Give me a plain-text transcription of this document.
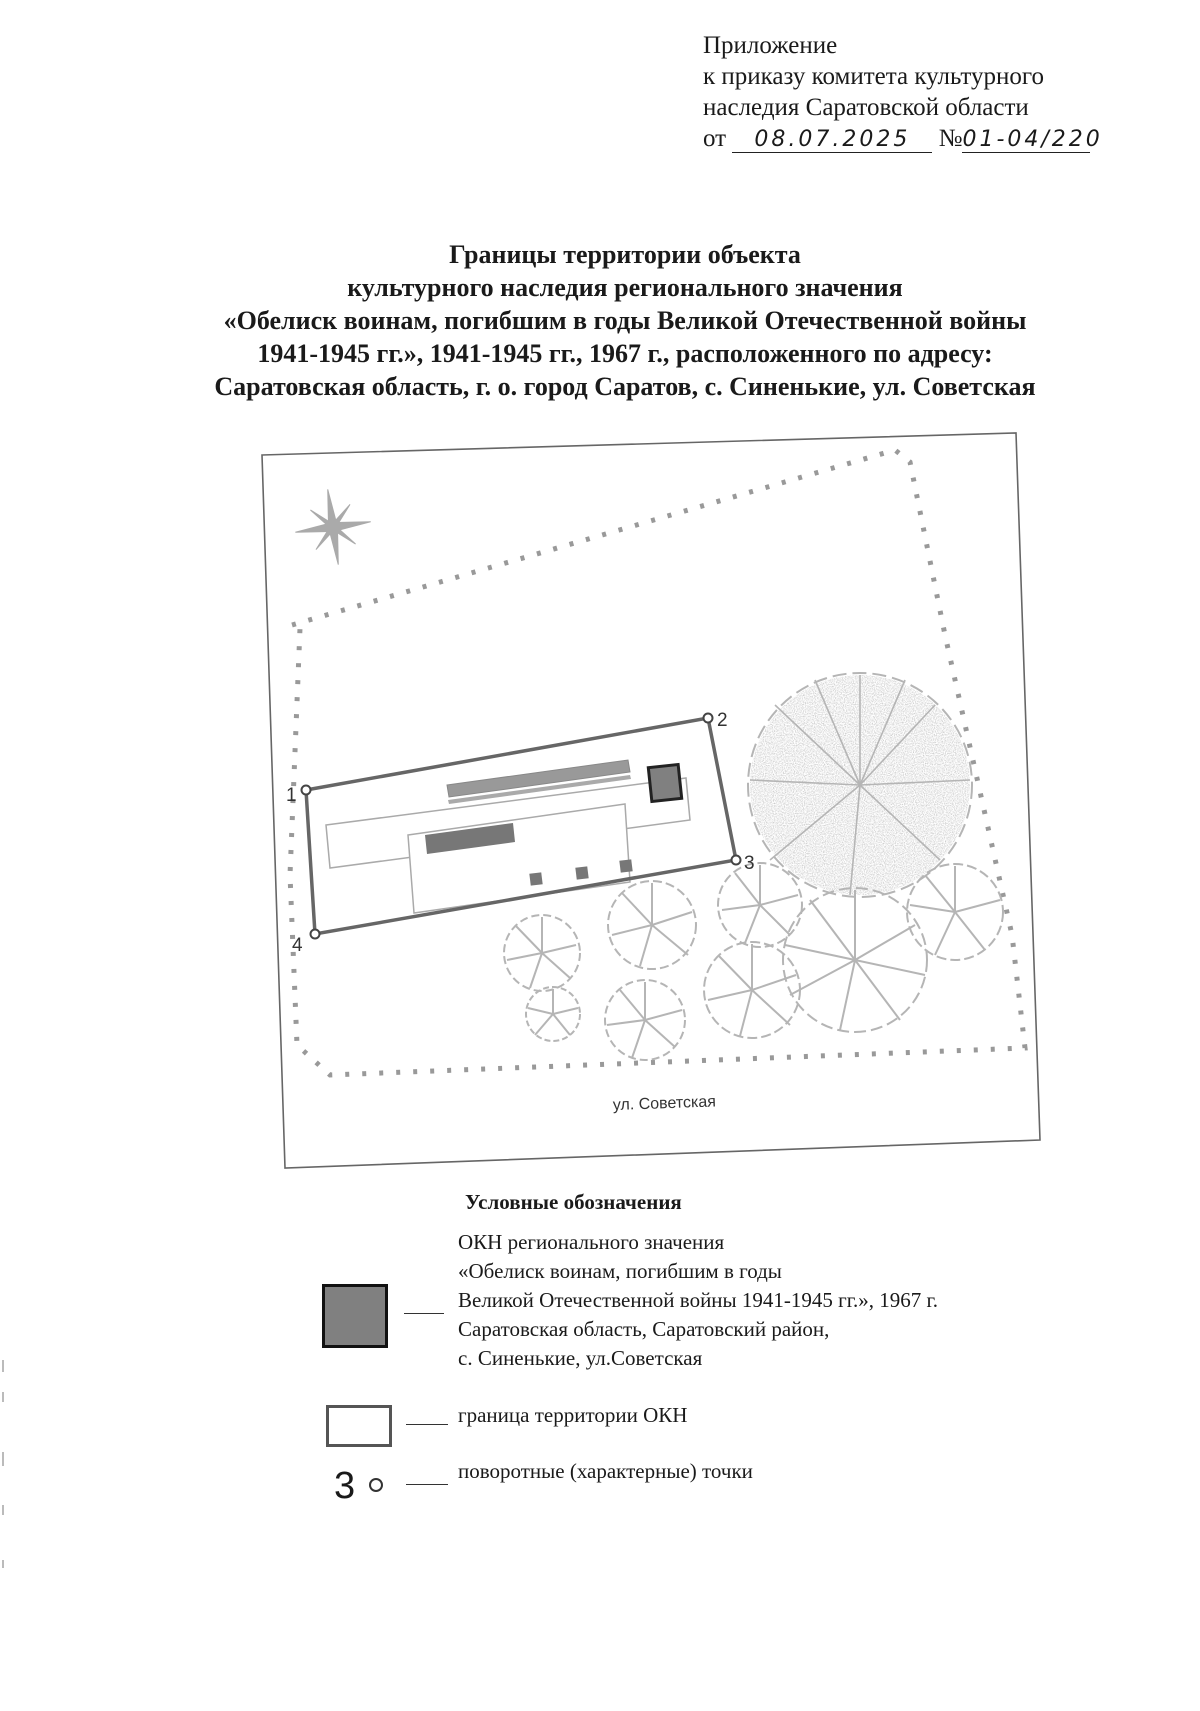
Приложение
к приказу комитета культурного
наследия Саратовской области
от 08.07.2025 №01-04/220
Границы территории объекта
культурного наследия регионального значения
«Обелиск воинам, погибшим в годы Великой Отечественной войны
1941-1945 гг.», 1941-1945 гг., 1967 г., расположенного по адресу:
Саратовская область, г. о. город Саратов, с. Синенькие, ул. Советская
1
2
3
4
ул. Советская
Условные обозначения
ОКН регионального значения
«Обелиск воинам, погибшим в годы
Великой Отечественной войны 1941-1945 гг.», 1967 г.
Саратовская область, Саратовский район,
с. Синенькие, ул.Советская
граница территории ОКН
3	поворотные (характерные) точки
